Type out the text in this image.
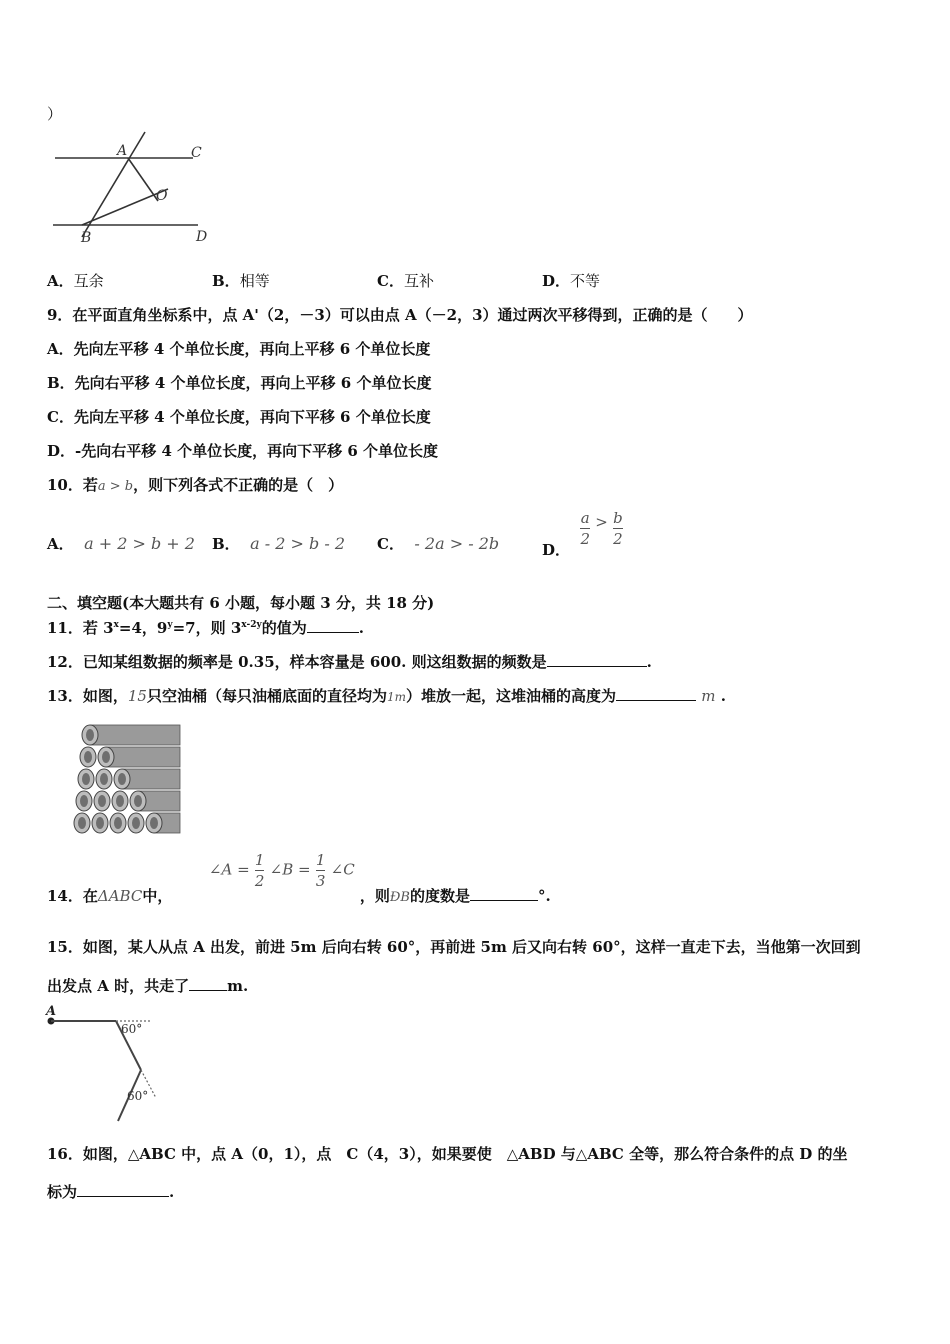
）
A	C
O
B	D
A．互余	B．相等	C．互补	D．不等
9．在平面直角坐标系中，点 A'（2，－3）可以由点 A（－2，3）通过两次平移得到，正确的是（　　）
A．先向左平移 4 个单位长度，再向上平移 6 个单位长度
B．先向右平移 4 个单位长度，再向上平移 6 个单位长度
C．先向左平移 4 个单位长度，再向下平移 6 个单位长度
D．-先向右平移 4 个单位长度，再向下平移 6 个单位长度
10．若a > b，则下列各式不正确的是（　）
A． a + 2 > b + 2 B． a - 2 > b - 2 C． - 2a > - 2b	D．
$\frac{a}{2} > \frac{b}{2}$
二、填空题(本大题共有 6 小题，每小题 3 分，共 18 分)
11．若 $3^x=4$，$9^y=7$，则 $3^{x-2y}$的值为	.
12．已知某组数据的频率是 0.35，样本容量是 600. 则这组数据的频数是	.
13．如图，15只空油桶（每只油桶底面的直径均为1m）堆放一起，这堆油桶的高度为	m .
14．在ΔABC中，       ∠A = $\frac{1}{2}$ ∠B = $\frac{1}{3}$ ∠C ，则ÐB的度数是	°.
15．如图，某人从点 A 出发，前进 5m 后向右转 60°，再前进 5m 后又向右转 60°，这样一直走下去，当他第一次回到
出发点 A 时，共走了	m.
A
60°
60°
16．如图，△ABC 中，点 A（0，1），点　C（4，3），如果要使　△ABD 与△ABC 全等，那么符合条件的点 D 的坐
标为	.
